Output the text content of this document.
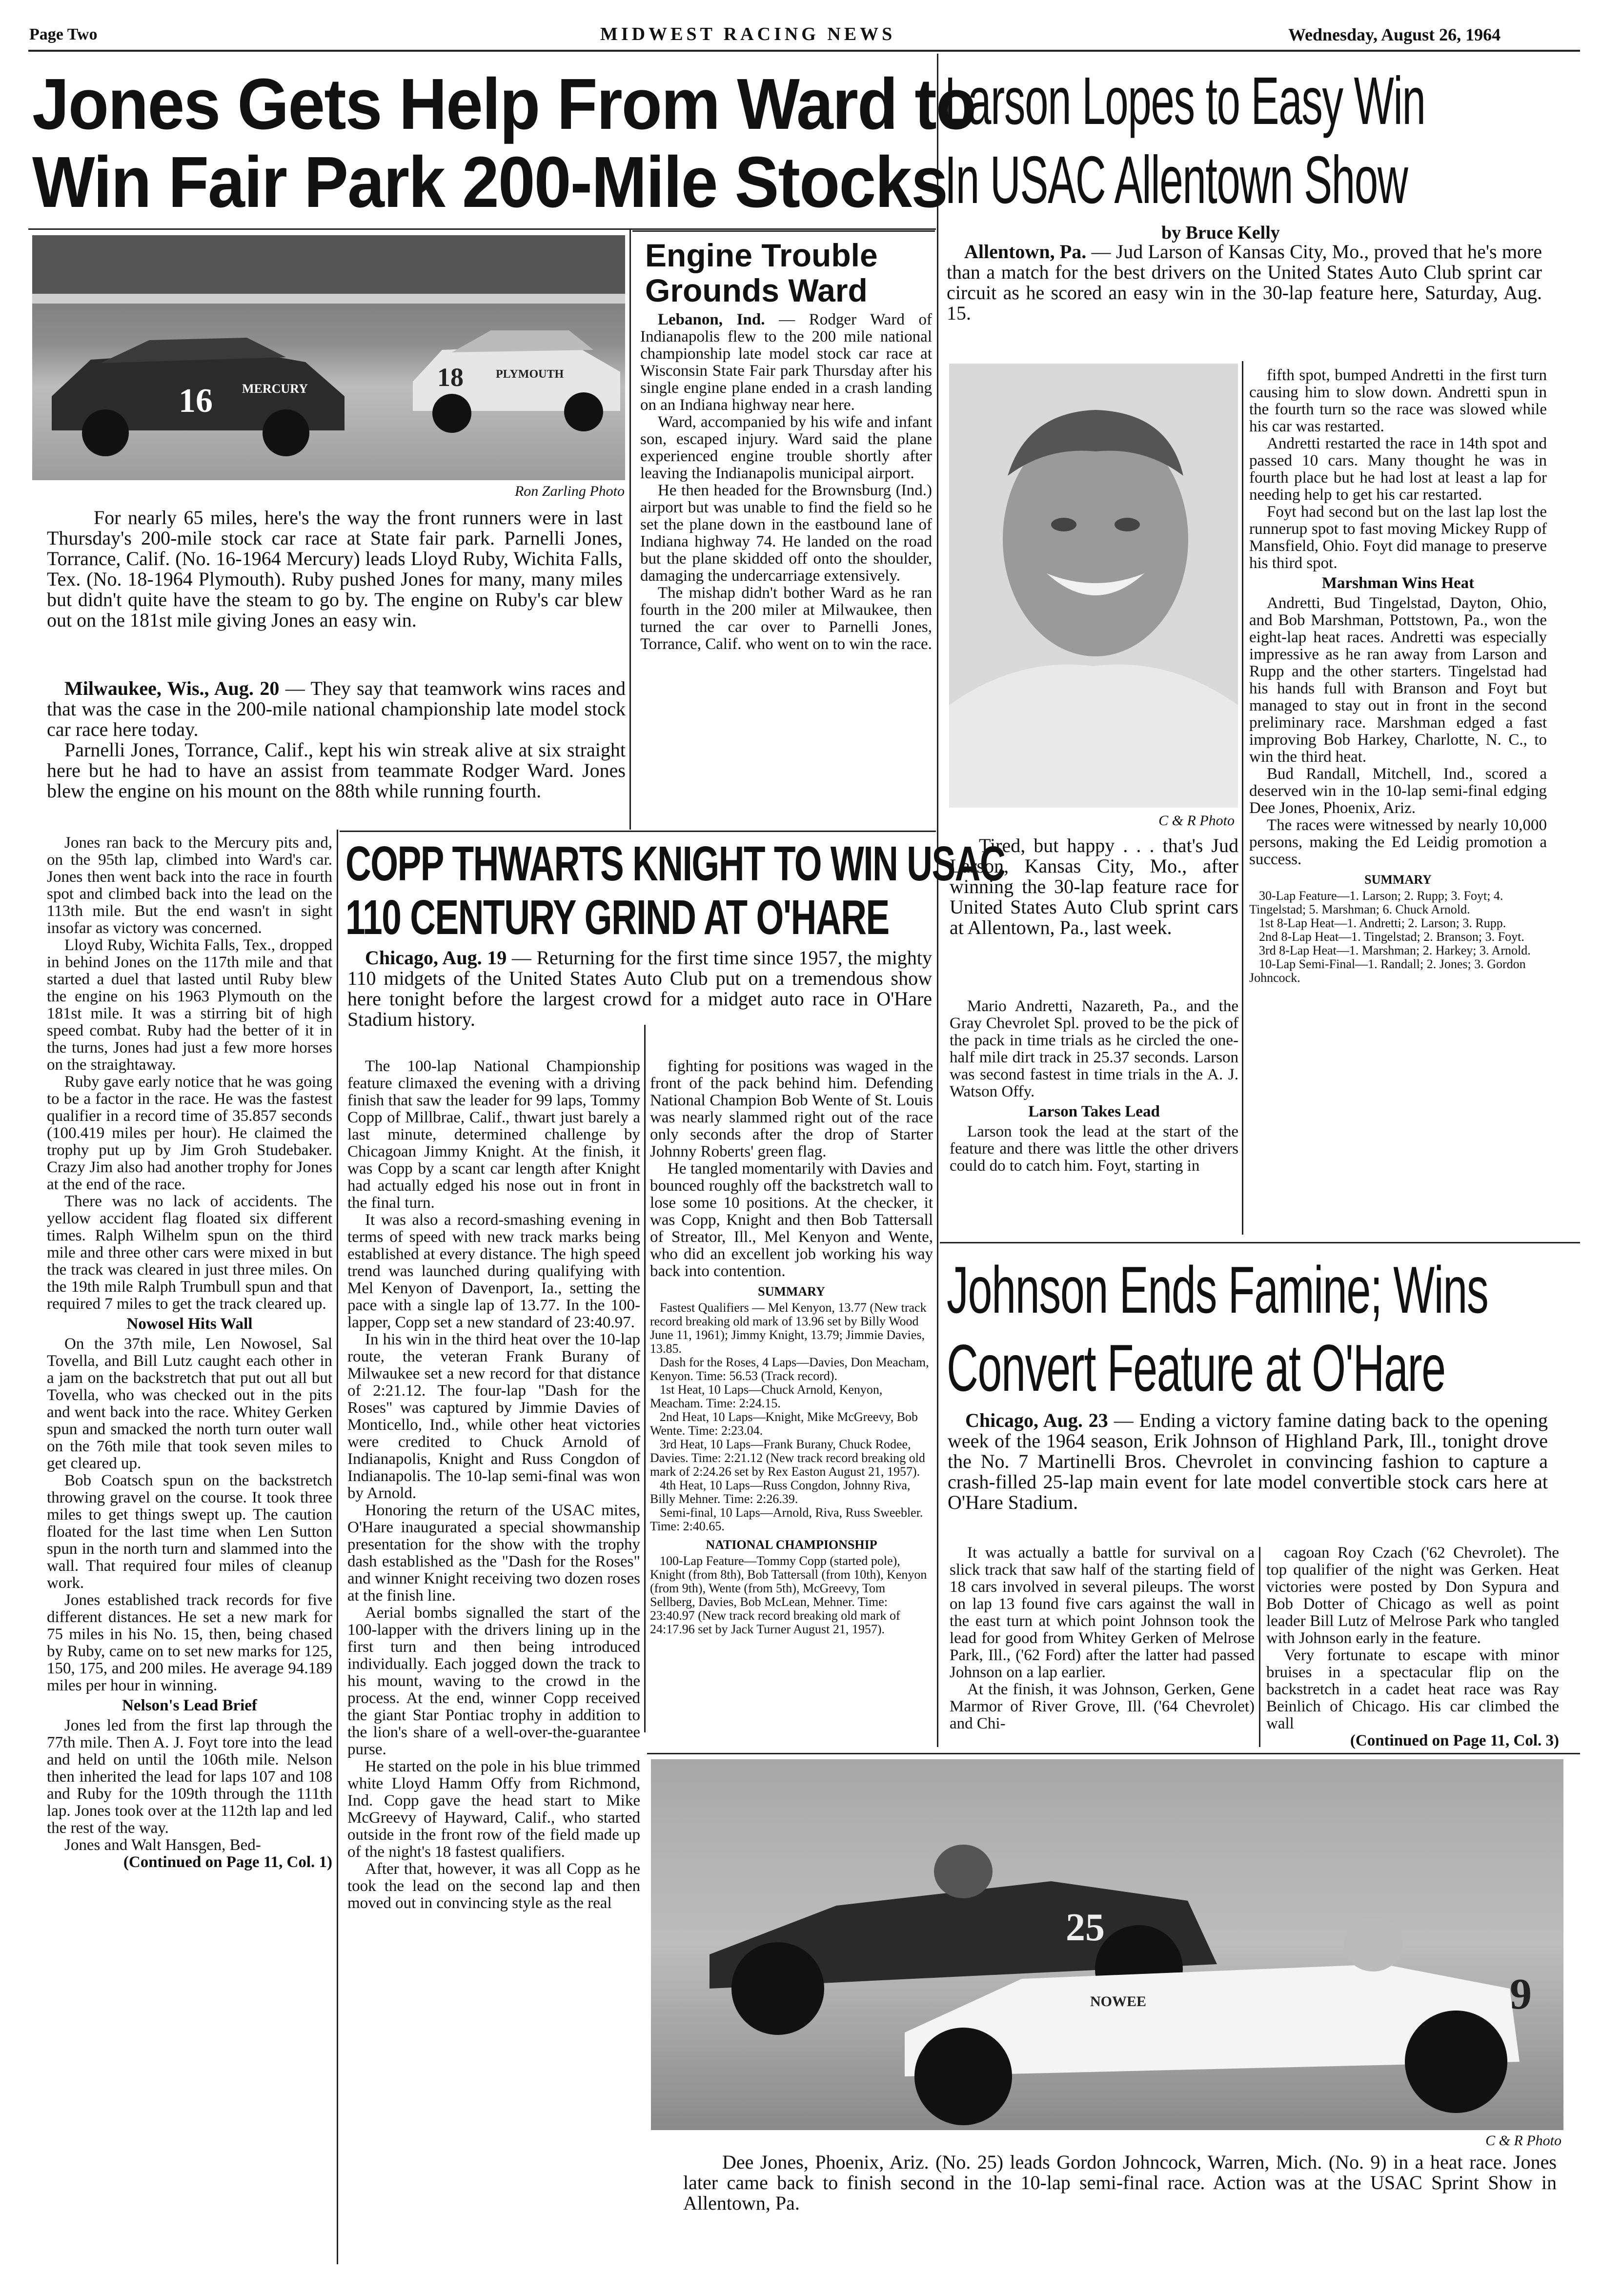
Page Two	MIDWEST RACING NEWS	Wednesday, August 26, 1964
Jones Gets Help From Ward to
Win Fair Park 200-Mile Stocks
16 MERCURY	18	PLYMOUTH
Ron Zarling Photo

For nearly 65 miles, here's the way the front runners were in last Thursday's 200-mile stock car race at State fair park. Parnelli Jones, Torrance, Calif. (No. 16-1964 Mercury) leads Lloyd Ruby, Wichita Falls, Tex. (No. 18-1964 Plymouth). Ruby pushed Jones for many, many miles but didn't quite have the steam to go by. The engine on Ruby's car blew out on the 181st mile giving Jones an easy win.

Milwaukee, Wis., Aug. 20 — They say that teamwork wins races and that was the case in the 200-mile national championship late model stock car race here today.

Parnelli Jones, Torrance, Calif., kept his win streak alive at six straight here but he had to have an assist from teammate Rodger Ward. Jones blew the engine on his mount on the 88th while running fourth.

Engine Trouble
Grounds Ward

Lebanon, Ind. — Rodger Ward of Indianapolis flew to the 200 mile national championship late model stock car race at Wisconsin State Fair park Thursday after his single engine plane ended in a crash landing on an Indiana highway near here.

Ward, accompanied by his wife and infant son, escaped injury. Ward said the plane experienced engine trouble shortly after leaving the Indianapolis municipal airport.

He then headed for the Brownsburg (Ind.) airport but was unable to find the field so he set the plane down in the eastbound lane of Indiana highway 74. He landed on the road but the plane skidded off onto the shoulder, damaging the undercarriage extensively.

The mishap didn't bother Ward as he ran fourth in the 200 miler at Milwaukee, then turned the car over to Parnelli Jones, Torrance, Calif. who went on to win the race.

Jones ran back to the Mercury pits and, on the 95th lap, climbed into Ward's car. Jones then went back into the race in fourth spot and climbed back into the lead on the 113th mile. But the end wasn't in sight insofar as victory was concerned.

Lloyd Ruby, Wichita Falls, Tex., dropped in behind Jones on the 117th mile and that started a duel that lasted until Ruby blew the engine on his 1963 Plymouth on the 181st mile. It was a stirring bit of high speed combat. Ruby had the better of it in the turns, Jones had just a few more horses on the straightaway.

Ruby gave early notice that he was going to be a factor in the race. He was the fastest qualifier in a record time of 35.857 seconds (100.419 miles per hour). He claimed the trophy put up by Jim Groh Studebaker. Crazy Jim also had another trophy for Jones at the end of the race.

There was no lack of accidents. The yellow accident flag floated six different times. Ralph Wilhelm spun on the third mile and three other cars were mixed in but the track was cleared in just three miles. On the 19th mile Ralph Trumbull spun and that required 7 miles to get the track cleared up.

Nowosel Hits Wall

On the 37th mile, Len Nowosel, Sal Tovella, and Bill Lutz caught each other in a jam on the backstretch that put out all but Tovella, who was checked out in the pits and went back into the race. Whitey Gerken spun and smacked the north turn outer wall on the 76th mile that took seven miles to get cleared up.

Bob Coatsch spun on the backstretch throwing gravel on the course. It took three miles to get things swept up. The caution floated for the last time when Len Sutton spun in the north turn and slammed into the wall. That required four miles of cleanup work.

Jones established track records for five different distances. He set a new mark for 75 miles in his No. 15, then, being chased by Ruby, came on to set new marks for 125, 150, 175, and 200 miles. He average 94.189 miles per hour in winning.

Nelson's Lead Brief

Jones led from the first lap through the 77th mile. Then A. J. Foyt tore into the lead and held on until the 106th mile. Nelson then inherited the lead for laps 107 and 108 and Ruby for the 109th through the 111th lap. Jones took over at the 112th lap and led the rest of the way.

Jones and Walt Hansgen, Bed-

(Continued on Page 11, Col. 1)
COPP THWARTS KNIGHT TO WIN USAC
110 CENTURY GRIND AT O'HARE

Chicago, Aug. 19 — Returning for the first time since 1957, the mighty 110 midgets of the United States Auto Club put on a tremendous show here tonight before the largest crowd for a midget auto race in O'Hare Stadium history.

The 100-lap National Championship feature climaxed the evening with a driving finish that saw the leader for 99 laps, Tommy Copp of Millbrae, Calif., thwart just barely a last minute, determined challenge by Chicagoan Jimmy Knight. At the finish, it was Copp by a scant car length after Knight had actually edged his nose out in front in the final turn.

It was also a record-smashing evening in terms of speed with new track marks being established at every distance. The high speed trend was launched during qualifying with Mel Kenyon of Davenport, Ia., setting the pace with a single lap of 13.77. In the 100-lapper, Copp set a new standard of 23:40.97.

In his win in the third heat over the 10-lap route, the veteran Frank Burany of Milwaukee set a new record for that distance of 2:21.12. The four-lap "Dash for the Roses" was captured by Jimmie Davies of Monticello, Ind., while other heat victories were credited to Chuck Arnold of Indianapolis, Knight and Russ Congdon of Indianapolis. The 10-lap semi-final was won by Arnold.

Honoring the return of the USAC mites, O'Hare inaugurated a special showmanship presentation for the show with the trophy dash established as the "Dash for the Roses" and winner Knight receiving two dozen roses at the finish line.

Aerial bombs signalled the start of the 100-lapper with the drivers lining up in the first turn and then being introduced individually. Each jogged down the track to his mount, waving to the crowd in the process. At the end, winner Copp received the giant Star Pontiac trophy in addition to the lion's share of a well-over-the-guarantee purse.

He started on the pole in his blue trimmed white Lloyd Hamm Offy from Richmond, Ind. Copp gave the head start to Mike McGreevy of Hayward, Calif., who started outside in the front row of the field made up of the night's 18 fastest qualifiers.

After that, however, it was all Copp as he took the lead on the second lap and then moved out in convincing style as the real

fighting for positions was waged in the front of the pack behind him. Defending National Champion Bob Wente of St. Louis was nearly slammed right out of the race only seconds after the drop of Starter Johnny Roberts' green flag.

He tangled momentarily with Davies and bounced roughly off the backstretch wall to lose some 10 positions. At the checker, it was Copp, Knight and then Bob Tattersall of Streator, Ill., Mel Kenyon and Wente, who did an excellent job working his way back into contention.

SUMMARY

Fastest Qualifiers — Mel Kenyon, 13.77 (New track record breaking old mark of 13.96 set by Billy Wood June 11, 1961); Jimmy Knight, 13.79; Jimmie Davies, 13.85.

Dash for the Roses, 4 Laps—Davies, Don Meacham, Kenyon. Time: 56.53 (Track record).

1st Heat, 10 Laps—Chuck Arnold, Kenyon, Meacham. Time: 2:24.15.

2nd Heat, 10 Laps—Knight, Mike McGreevy, Bob Wente. Time: 2:23.04.

3rd Heat, 10 Laps—Frank Burany, Chuck Rodee, Davies. Time: 2:21.12 (New track record breaking old mark of 2:24.26 set by Rex Easton August 21, 1957).

4th Heat, 10 Laps—Russ Congdon, Johnny Riva, Billy Mehner. Time: 2:26.39.

Semi-final, 10 Laps—Arnold, Riva, Russ Sweebler. Time: 2:40.65.

NATIONAL CHAMPIONSHIP

100-Lap Feature—Tommy Copp (started pole), Knight (from 8th), Bob Tattersall (from 10th), Kenyon (from 9th), Wente (from 5th), McGreevy, Tom Sellberg, Davies, Bob McLean, Mehner. Time: 23:40.97 (New track record breaking old mark of 24:17.96 set by Jack Turner August 21, 1957).

Larson Lopes to Easy Win
In USAC Allentown Show
by Bruce Kelly

Allentown, Pa. — Jud Larson of Kansas City, Mo., proved that he's more than a match for the best drivers on the United States Auto Club sprint car circuit as he scored an easy win in the 30-lap feature here, Saturday, Aug. 15.

C & R Photo

Tired, but happy . . . that's Jud Larson, Kansas City, Mo., after winning the 30-lap feature race for United States Auto Club sprint cars at Allentown, Pa., last week.

Mario Andretti, Nazareth, Pa., and the Gray Chevrolet Spl. proved to be the pick of the pack in time trials as he circled the one-half mile dirt track in 25.37 seconds. Larson was second fastest in time trials in the A. J. Watson Offy.

Larson Takes Lead

Larson took the lead at the start of the feature and there was little the other drivers could do to catch him. Foyt, starting in

fifth spot, bumped Andretti in the first turn causing him to slow down. Andretti spun in the fourth turn so the race was slowed while his car was restarted.

Andretti restarted the race in 14th spot and passed 10 cars. Many thought he was in fourth place but he had lost at least a lap for needing help to get his car restarted.

Foyt had second but on the last lap lost the runnerup spot to fast moving Mickey Rupp of Mansfield, Ohio. Foyt did manage to preserve his third spot.

Marshman Wins Heat

Andretti, Bud Tingelstad, Dayton, Ohio, and Bob Marshman, Pottstown, Pa., won the eight-lap heat races. Andretti was especially impressive as he ran away from Larson and Rupp and the other starters. Tingelstad had his hands full with Branson and Foyt but managed to stay out in front in the second preliminary race. Marshman edged a fast improving Bob Harkey, Charlotte, N. C., to win the third heat.

Bud Randall, Mitchell, Ind., scored a deserved win in the 10-lap semi-final edging Dee Jones, Phoenix, Ariz.

The races were witnessed by nearly 10,000 persons, making the Ed Leidig promotion a success.

SUMMARY

30-Lap Feature—1. Larson; 2. Rupp; 3. Foyt; 4. Tingelstad; 5. Marshman; 6. Chuck Arnold.

1st 8-Lap Heat—1. Andretti; 2. Larson; 3. Rupp.

2nd 8-Lap Heat—1. Tingelstad; 2. Branson; 3. Foyt.

3rd 8-Lap Heat—1. Marshman; 2. Harkey; 3. Arnold.

10-Lap Semi-Final—1. Randall; 2. Jones; 3. Gordon Johncock.

Johnson Ends Famine; Wins
Convert Feature at O'Hare

Chicago, Aug. 23 — Ending a victory famine dating back to the opening week of the 1964 season, Erik Johnson of Highland Park, Ill., tonight drove the No. 7 Martinelli Bros. Chevrolet in convincing fashion to capture a crash-filled 25-lap main event for late model convertible stock cars here at O'Hare Stadium.

It was actually a battle for survival on a slick track that saw half of the starting field of 18 cars involved in several pileups. The worst on lap 13 found five cars against the wall in the east turn at which point Johnson took the lead for good from Whitey Gerken of Melrose Park, Ill., ('62 Ford) after the latter had passed Johnson on a lap earlier.

At the finish, it was Johnson, Gerken, Gene Marmor of River Grove, Ill. ('64 Chevrolet) and Chi-

cagoan Roy Czach ('62 Chevrolet). The top qualifier of the night was Gerken. Heat victories were posted by Don Sypura and Bob Dotter of Chicago as well as point leader Bill Lutz of Melrose Park who tangled with Johnson early in the feature.

Very fortunate to escape with minor bruises in a spectacular flip on the backstretch in a cadet heat race was Ray Beinlich of Chicago. His car climbed the wall

(Continued on Page 11, Col. 3)
25
9
NOWEE
C & R Photo

Dee Jones, Phoenix, Ariz. (No. 25) leads Gordon Johncock, Warren, Mich. (No. 9) in a heat race. Jones later came back to finish second in the 10-lap semi-final race. Action was at the USAC Sprint Show in Allentown, Pa.
